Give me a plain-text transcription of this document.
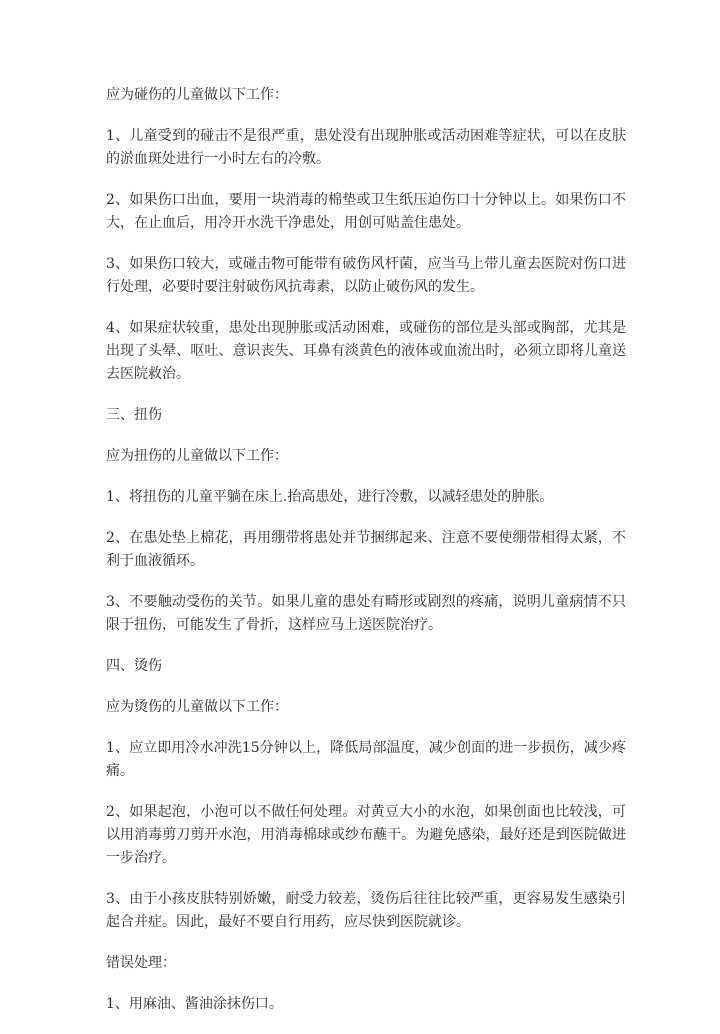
应为碰伤的儿童做以下工作：

1、儿童受到的碰击不是很严重，患处没有出现肿胀或活动困难等症状，可以在皮肤的淤血斑处进行一小时左右的冷敷。

2、如果伤口出血，要用一块消毒的棉垫或卫生纸压迫伤口十分钟以上。如果伤口不大，在止血后，用冷开水洗干净患处，用创可贴盖住患处。

3、如果伤口较大，或碰击物可能带有破伤风杆菌，应当马上带儿童去医院对伤口进行处理，必要时要注射破伤风抗毒素，以防止破伤风的发生。

4、如果症状较重，患处出现肿胀或活动困难，或碰伤的部位是头部或胸部，尤其是出现了头晕、呕吐、意识丧失、耳鼻有淡黄色的液体或血流出时，必须立即将儿童送去医院救治。

三、扭伤

应为扭伤的儿童做以下工作：

1、将扭伤的儿童平躺在床上.抬高患处，进行冷敷，以减轻患处的肿胀。

2、在患处垫上棉花，再用绷带将患处并节捆绑起来、注意不要使绷带相得太紧，不利于血液循环。

3、不要触动受伤的关节。如果儿童的患处有畸形或剧烈的疼痛，说明儿童病情不只限于扭伤，可能发生了骨折，这样应马上送医院治疗。

四、烫伤

应为烫伤的儿童做以下工作：

1、应立即用冷水冲洗15分钟以上，降低局部温度，减少创面的进一步损伤，减少疼痛。

2、如果起泡，小泡可以不做任何处理。对黄豆大小的水泡，如果创面也比较浅，可以用消毒剪刀剪开水泡，用消毒棉球或纱布蘸干。为避免感染，最好还是到医院做进一步治疗。

3、由于小孩皮肤特别娇嫩，耐受力较差，烫伤后往往比较严重，更容易发生感染引起合并症。因此，最好不要自行用药，应尽快到医院就诊。

错误处理：

1、用麻油、酱油涂抹伤口。
